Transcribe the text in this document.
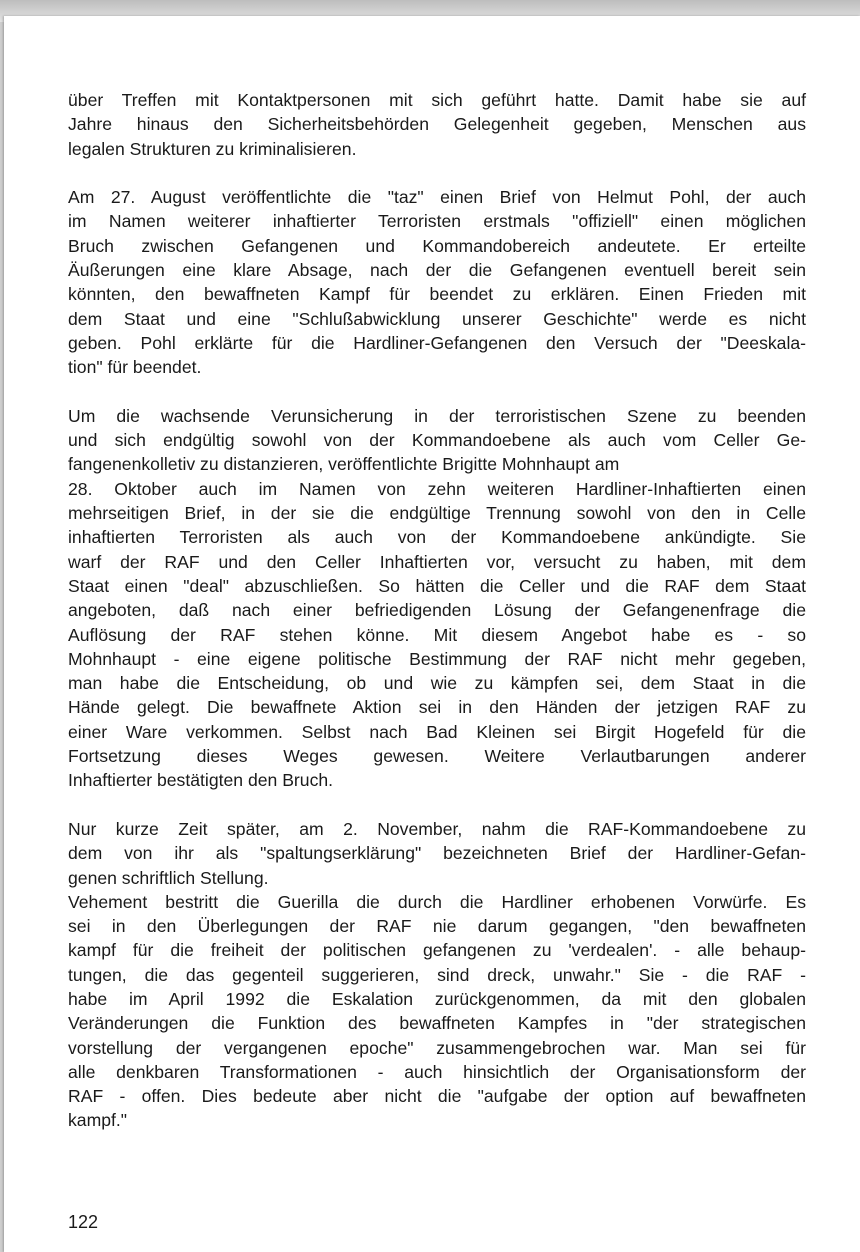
über Treffen mit Kontaktpersonen mit sich geführt hatte. Damit habe sie auf
Jahre hinaus den Sicherheitsbehörden Gelegenheit gegeben, Menschen aus
legalen Strukturen zu kriminalisieren.

Am 27. August veröffentlichte die "taz" einen Brief von Helmut Pohl, der auch
im Namen weiterer inhaftierter Terroristen erstmals "offiziell" einen möglichen
Bruch zwischen Gefangenen und Kommandobereich andeutete. Er erteilte
Äußerungen eine klare Absage, nach der die Gefangenen eventuell bereit sein
könnten, den bewaffneten Kampf für beendet zu erklären. Einen Frieden mit
dem Staat und eine "Schlußabwicklung unserer Geschichte" werde es nicht
geben. Pohl erklärte für die Hardliner-Gefangenen den Versuch der "Deeskala-
tion" für beendet.

Um die wachsende Verunsicherung in der terroristischen Szene zu beenden
und sich endgültig sowohl von der Kommandoebene als auch vom Celler Ge-
fangenenkolletiv zu distanzieren, veröffentlichte Brigitte Mohnhaupt am
28. Oktober auch im Namen von zehn weiteren Hardliner-Inhaftierten einen
mehrseitigen Brief, in der sie die endgültige Trennung sowohl von den in Celle
inhaftierten Terroristen als auch von der Kommandoebene ankündigte. Sie
warf der RAF und den Celler Inhaftierten vor, versucht zu haben, mit dem
Staat einen "deal" abzuschließen. So hätten die Celler und die RAF dem Staat
angeboten, daß nach einer befriedigenden Lösung der Gefangenenfrage die
Auflösung der RAF stehen könne. Mit diesem Angebot habe es - so
Mohnhaupt - eine eigene politische Bestimmung der RAF nicht mehr gegeben,
man habe die Entscheidung, ob und wie zu kämpfen sei, dem Staat in die
Hände gelegt. Die bewaffnete Aktion sei in den Händen der jetzigen RAF zu
einer Ware verkommen. Selbst nach Bad Kleinen sei Birgit Hogefeld für die
Fortsetzung dieses Weges gewesen. Weitere Verlautbarungen anderer
Inhaftierter bestätigten den Bruch.

Nur kurze Zeit später, am 2. November, nahm die RAF-Kommandoebene zu
dem von ihr als "spaltungserklärung" bezeichneten Brief der Hardliner-Gefan-
genen schriftlich Stellung.

Vehement bestritt die Guerilla die durch die Hardliner erhobenen Vorwürfe. Es
sei in den Überlegungen der RAF nie darum gegangen, "den bewaffneten
kampf für die freiheit der politischen gefangenen zu 'verdealen'. - alle behaup-
tungen, die das gegenteil suggerieren, sind dreck, unwahr." Sie - die RAF -
habe im April 1992 die Eskalation zurückgenommen, da mit den globalen
Veränderungen die Funktion des bewaffneten Kampfes in "der strategischen
vorstellung der vergangenen epoche" zusammengebrochen war. Man sei für
alle denkbaren Transformationen - auch hinsichtlich der Organisationsform der
RAF - offen. Dies bedeute aber nicht die "aufgabe der option auf bewaffneten
kampf."

122
